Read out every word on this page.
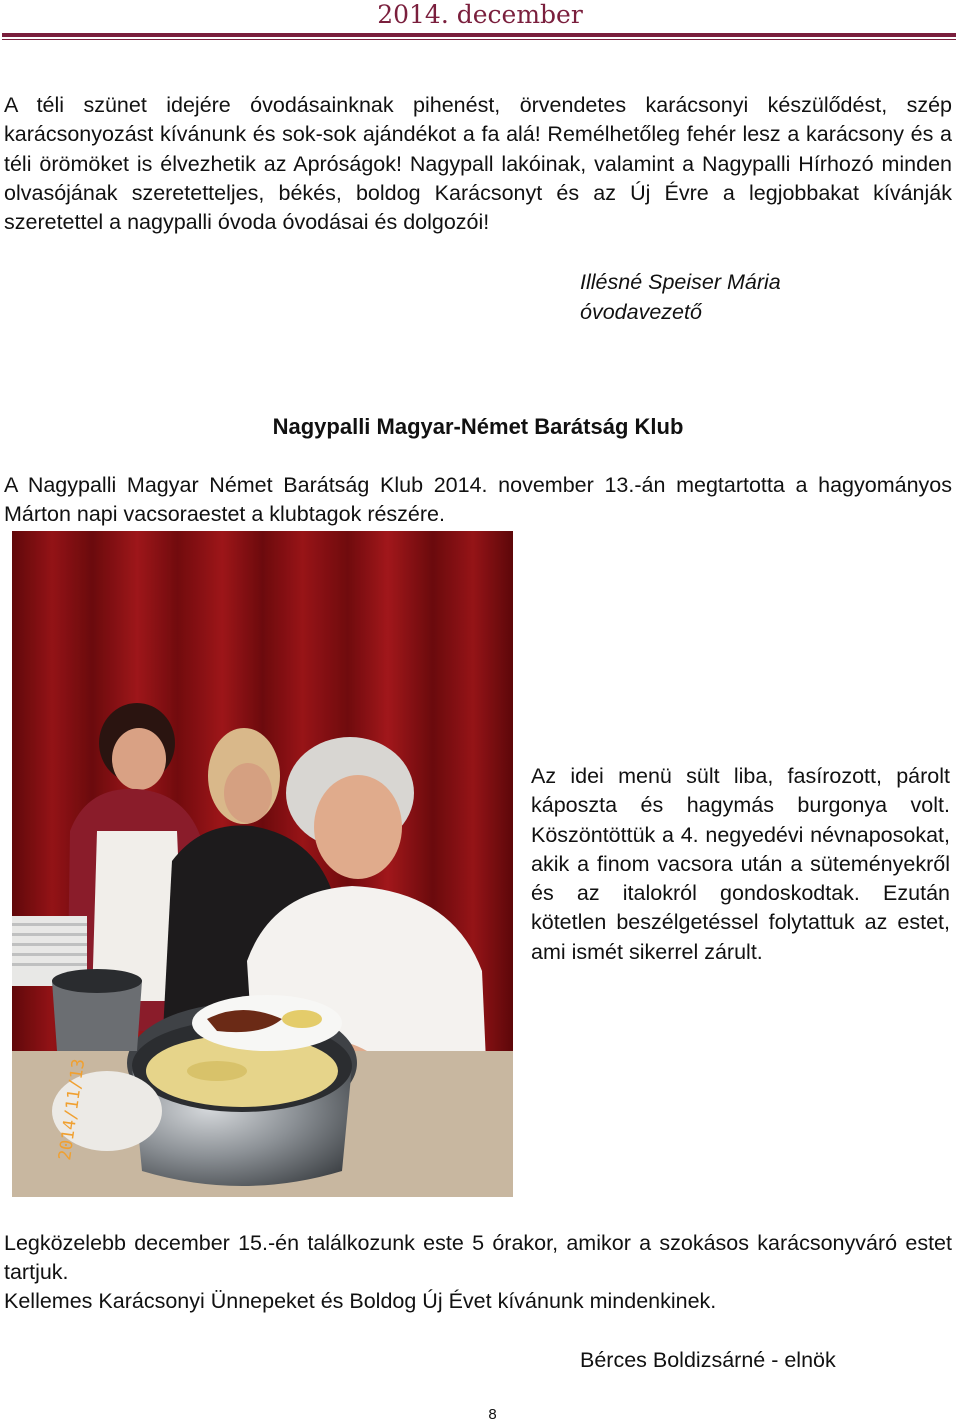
2014. december

A téli szünet idejére óvodásainknak pihenést, örvendetes karácsonyi készülődést, szép karácsonyozást kívánunk és sok-sok ajándékot a fa alá! Remélhetőleg fehér lesz a karácsony és a téli örömöket is élvezhetik az Apróságok! Nagypall lakóinak, valamint a Nagypalli Hírhozó minden olvasójának szeretetteljes, békés, boldog Karácsonyt és az Új Évre a legjobbakat kívánják szeretettel a nagypalli óvoda óvodásai és dolgozói!

Illésné Speiser Mária
óvodavezető
Nagypalli Magyar-Német Barátság Klub

A Nagypalli Magyar Német Barátság Klub 2014. november 13.-án megtartotta a hagyományos Márton napi vacsoraestet a klubtagok részére.

2014/11/13

Az idei menü sült liba, fasírozott, párolt káposzta és hagymás burgonya volt. Köszöntöttük a 4. negyedévi névnaposokat, akik a finom vacsora után a süteményekről és az italokról gondoskodtak. Ezután kötetlen beszélgetéssel folytattuk az estet, ami ismét sikerrel zárult.

Legközelebb december 15.-én találkozunk este 5 órakor, amikor a szokásos karácsonyváró estet tartjuk.

Kellemes Karácsonyi Ünnepeket és Boldog Új Évet kívánunk mindenkinek.

Bérces Boldizsárné - elnök
8
